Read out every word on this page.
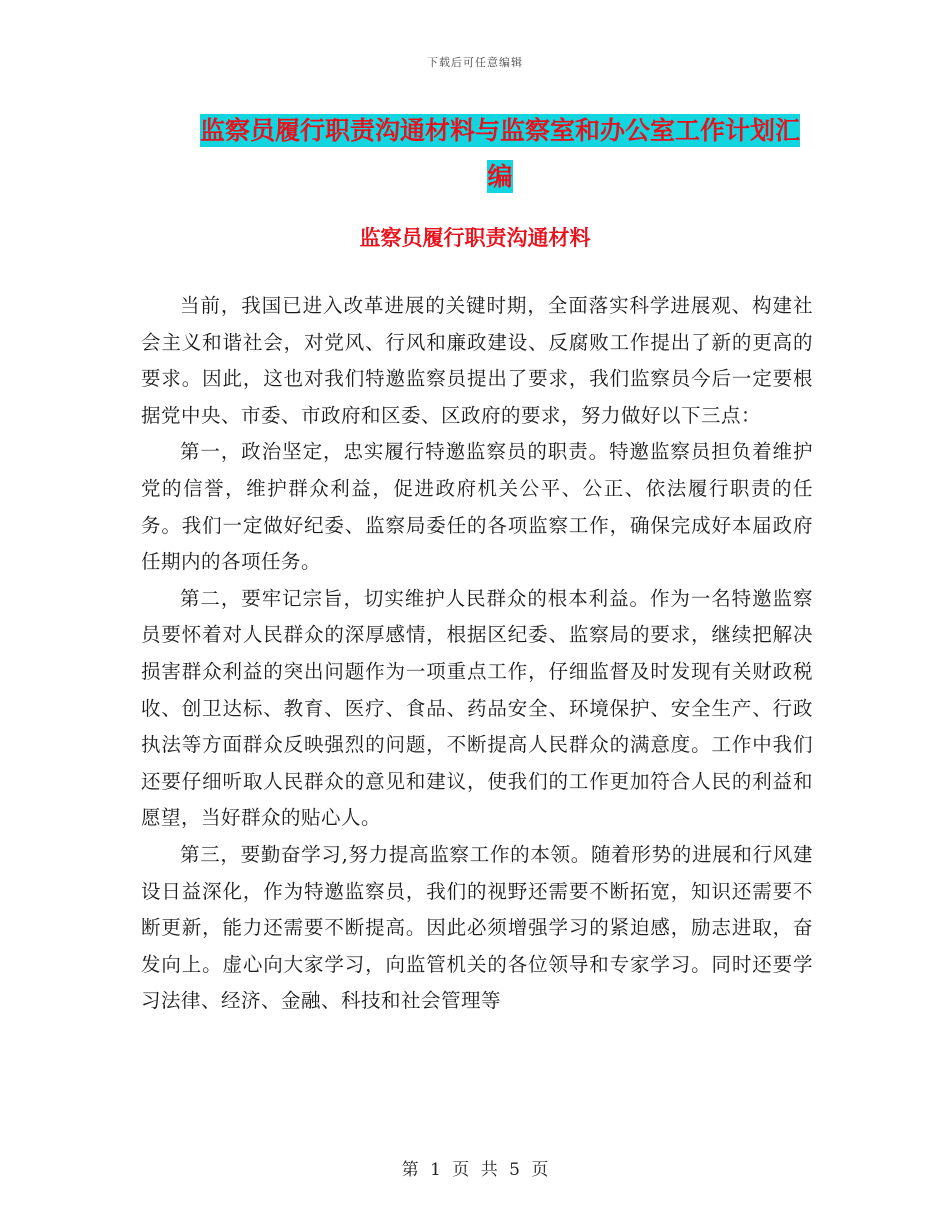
下载后可任意编辑
监察员履行职责沟通材料与监察室和办公室工作计划汇编
监察员履行职责沟通材料

当前，我国已进入改革进展的关键时期，全面落实科学进展观、构建社会主义和谐社会，对党风、行风和廉政建设、反腐败工作提出了新的更高的要求。因此，这也对我们特邀监察员提出了要求，我们监察员今后一定要根据党中央、市委、市政府和区委、区政府的要求，努力做好以下三点：

第一，政治坚定，忠实履行特邀监察员的职责。特邀监察员担负着维护党的信誉，维护群众利益，促进政府机关公平、公正、依法履行职责的任务。我们一定做好纪委、监察局委任的各项监察工作，确保完成好本届政府任期内的各项任务。

第二，要牢记宗旨，切实维护人民群众的根本利益。作为一名特邀监察员要怀着对人民群众的深厚感情，根据区纪委、监察局的要求，继续把解决损害群众利益的突出问题作为一项重点工作，仔细监督及时发现有关财政税收、创卫达标、教育、医疗、食品、药品安全、环境保护、安全生产、行政执法等方面群众反映强烈的问题，不断提高人民群众的满意度。工作中我们还要仔细听取人民群众的意见和建议，使我们的工作更加符合人民的利益和愿望，当好群众的贴心人。

第三，要勤奋学习,努力提高监察工作的本领。随着形势的进展和行风建设日益深化，作为特邀监察员，我们的视野还需要不断拓宽，知识还需要不断更新，能力还需要不断提高。因此必须增强学习的紧迫感，励志进取，奋发向上。虚心向大家学习，向监管机关的各位领导和专家学习。同时还要学习法律、经济、金融、科技和社会管理等

第 1 页 共 5 页
